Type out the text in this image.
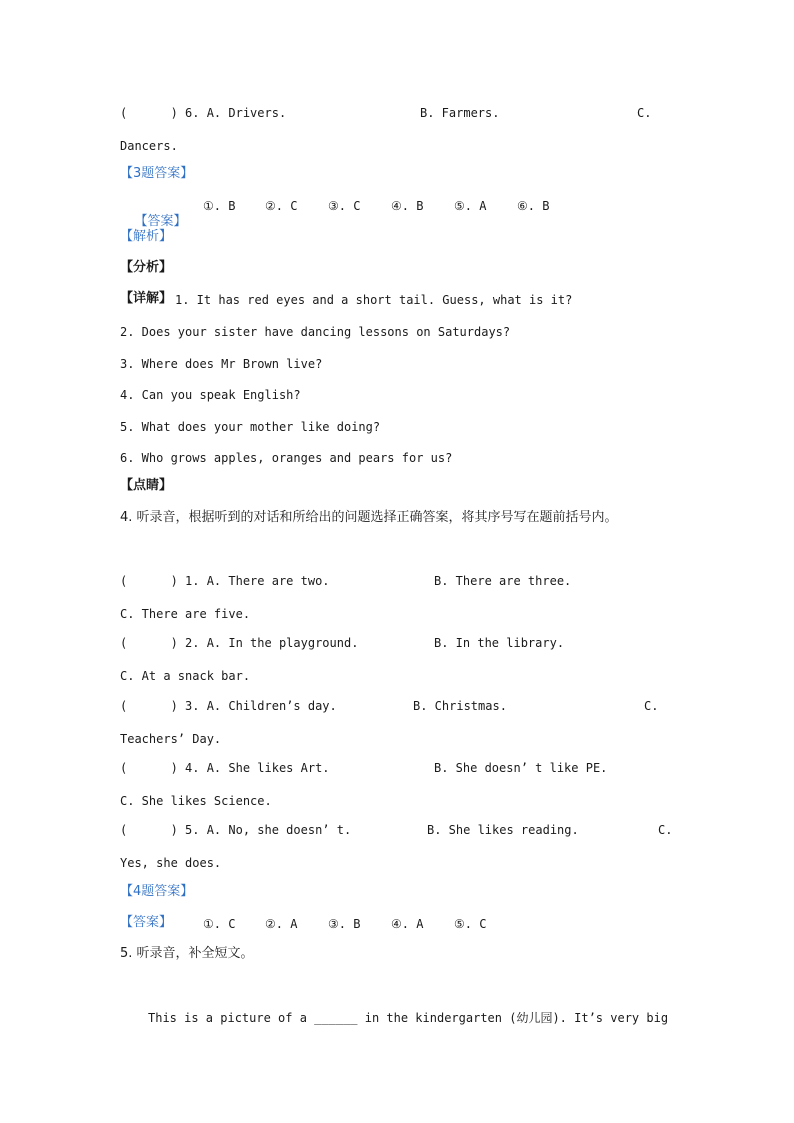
(      ) 6. A. Drivers.	B. Farmers.	C.
Dancers.
【3题答案】

【答案】

①. B ②. C	③. C	④. B	⑤. A	⑥. B
【解析】
【分析】
【详解】 1. It has red eyes and a short tail. Guess, what is it?
2. Does your sister have dancing lessons on Saturdays?
3. Where does Mr Brown live?
4. Can you speak English?
5. What does your mother like doing?
6. Who grows apples, oranges and pears for us?
【点睛】
4. 听录音，根据听到的对话和所给出的问题选择正确答案，将其序号写在题前括号内。
(      ) 1. A. There are two.	B. There are three.
C. There are five.
(      ) 2. A. In the playground.	B. In the library.
C. At a snack bar.
(      ) 3. A. Children’s day.	B. Christmas.	C.
Teachers’ Day.
(      ) 4. A. She likes Art.	B. She doesn’ t like PE.
C. She likes Science.
(      ) 5. A. No, she doesn’ t.	B. She likes reading.	C.
Yes, she does.
【4题答案】
【答案】	①. C ②. A	③. B	④. A	⑤. C
5. 听录音，补全短文。
This is a picture of a ______ in the kindergarten (幼儿园). It’s very big
